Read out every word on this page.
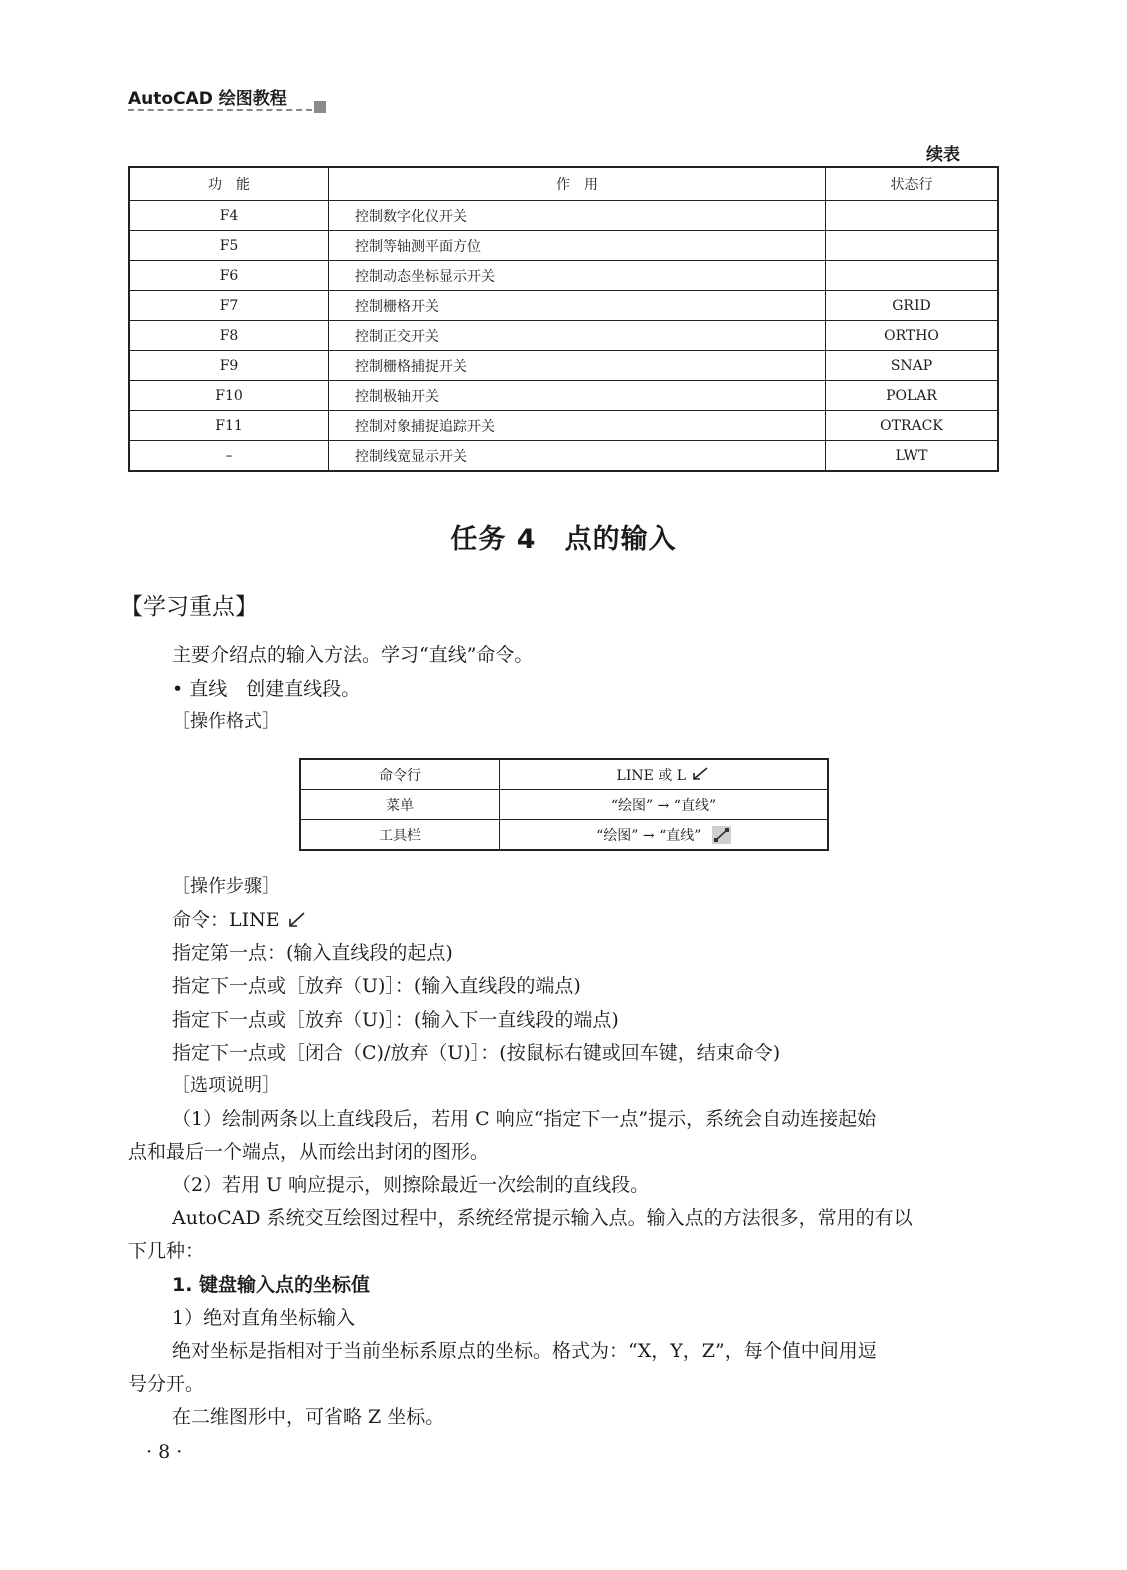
AutoCAD 绘图教程
续表
功　能	作　用	状态行
F4	控制数字化仪开关	
F5	控制等轴测平面方位	
F6	控制动态坐标显示开关	
F7	控制栅格开关	GRID
F8	控制正交开关	ORTHO
F9	控制栅格捕捉开关	SNAP
F10	控制极轴开关	POLAR
F11	控制对象捕捉追踪开关	OTRACK
–	控制线宽显示开关	LWT
任务 4　点的输入
【学习重点】
主要介绍点的输入方法。学习“直线”命令。
• 直线　创建直线段。
［操作格式］
命令行	LINE 或 L
菜单	“绘图” → “直线”
工具栏	“绘图” → “直线”
［操作步骤］
命令：LINE
指定第一点：(输入直线段的起点)
指定下一点或［放弃（U)］：(输入直线段的端点)
指定下一点或［放弃（U)］：(输入下一直线段的端点)
指定下一点或［闭合（C)/放弃（U)］：(按鼠标右键或回车键，结束命令)
［选项说明］
（1）绘制两条以上直线段后，若用 C 响应“指定下一点”提示，系统会自动连接起始
点和最后一个端点，从而绘出封闭的图形。
（2）若用 U 响应提示，则擦除最近一次绘制的直线段。
AutoCAD 系统交互绘图过程中，系统经常提示输入点。输入点的方法很多，常用的有以
下几种：
1. 键盘输入点的坐标值
1）绝对直角坐标输入
绝对坐标是指相对于当前坐标系原点的坐标。格式为：“X，Y，Z”，每个值中间用逗
号分开。
在二维图形中，可省略 Z 坐标。
· 8 ·
